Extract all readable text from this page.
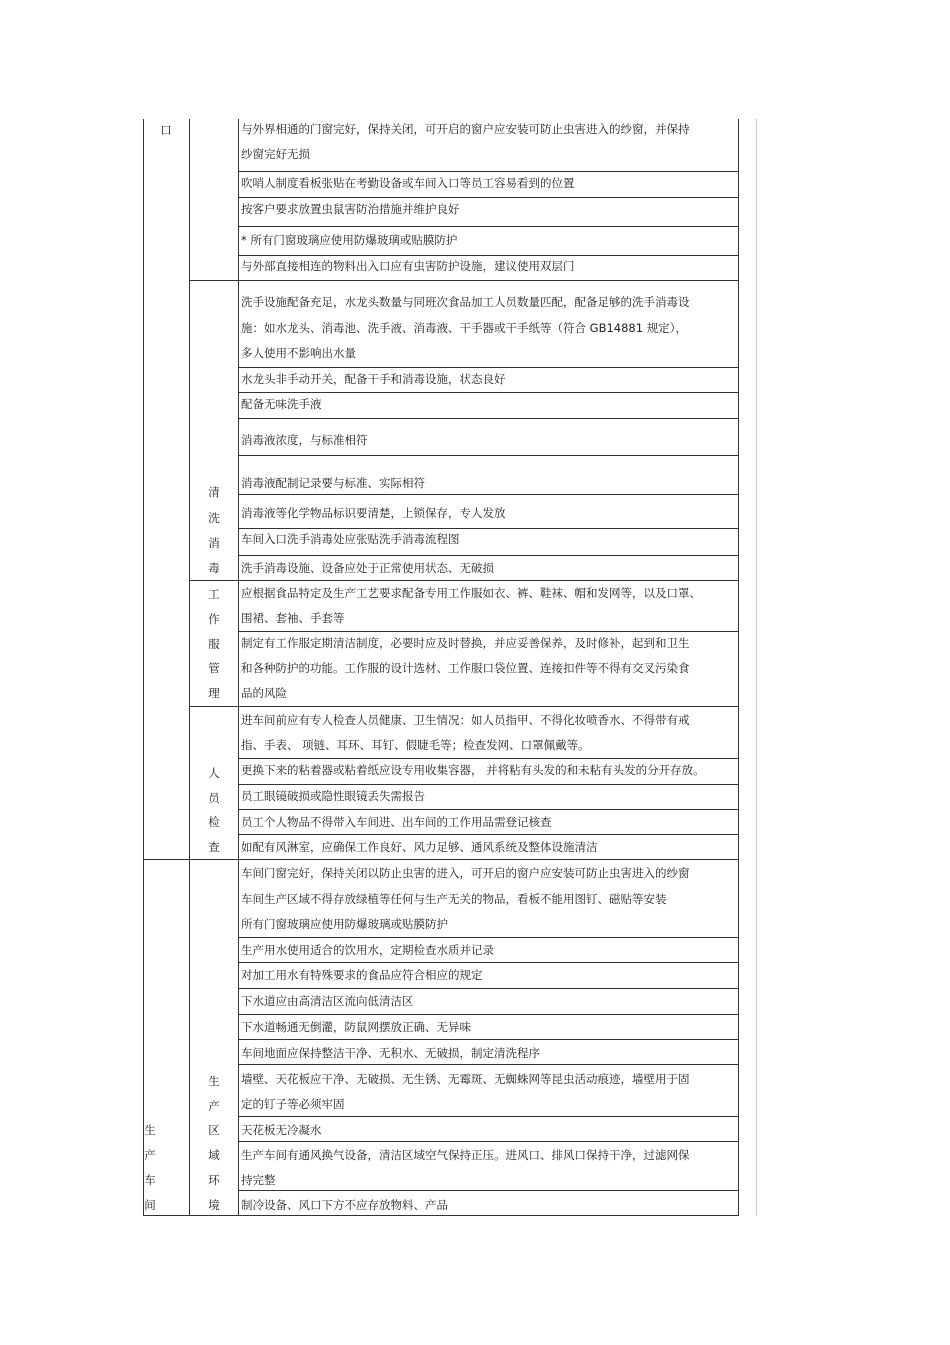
口	与外界相通的门窗完好，保持关闭，可开启的窗户应安装可防止虫害进入的纱窗，并保持
纱窗完好无损
吹哨人制度看板张贴在考勤设备或车间入口等员工容易看到的位置
按客户要求放置虫鼠害防治措施并维护良好
* 所有门窗玻璃应使用防爆玻璃或贴膜防护
与外部直接相连的物料出入口应有虫害防护设施，建议使用双层门
清
洗
消
毒
洗手设施配备充足，水龙头数量与同班次食品加工人员数量匹配，配备足够的洗手消毒设
施：如水龙头、消毒池、洗手液、消毒液、干手器或干手纸等（符合 GB14881 规定），
多人使用不影响出水量
水龙头非手动开关，配备干手和消毒设施，状态良好
配备无味洗手液
消毒液浓度，与标准相符
消毒液配制记录要与标准、实际相符
消毒液等化学物品标识要清楚，上锁保存，专人发放
车间入口洗手消毒处应张贴洗手消毒流程图
洗手消毒设施、设备应处于正常使用状态、无破损
工
作
服
管
理
应根据食品特定及生产工艺要求配备专用工作服如衣、裤、鞋袜、帽和发网等，以及口罩、
围裙、套袖、手套等
制定有工作服定期清洁制度，必要时应及时替换，并应妥善保养，及时修补，起到和卫生
和各种防护的功能。工作服的设计选材、工作服口袋位置、连接扣件等不得有交叉污染食
品的风险
人
员
检
查
进车间前应有专人检查人员健康、卫生情况：如人员指甲、不得化妆喷香水、不得带有戒
指、手表、 项链、耳环、耳钉、假睫毛等；检查发网、口罩佩戴等。
更换下来的粘着器或粘着纸应设专用收集容器， 并将粘有头发的和未粘有头发的分开存放。
员工眼镜破损或隐性眼镜丢失需报告
员工个人物品不得带入车间进、出车间的工作用品需登记核查
如配有风淋室，应确保工作良好、风力足够、通风系统及整体设施清洁
生
产
区
域
环
境
车间门窗完好，保持关闭以防止虫害的进入，可开启的窗户应安装可防止虫害进入的纱窗
车间生产区域不得存放绿植等任何与生产无关的物品，看板不能用图钉、磁贴等安装
所有门窗玻璃应使用防爆玻璃或贴膜防护
生产用水使用适合的饮用水，定期检查水质并记录
对加工用水有特殊要求的食品应符合相应的规定
下水道应由高清洁区流向低清洁区
下水道畅通无倒灌，防鼠网摆放正确、无异味
车间地面应保持整洁干净、无积水、无破损，制定清洗程序
墙壁、天花板应干净、无破损、无生锈、无霉斑、无蜘蛛网等昆虫活动痕迹，墙壁用于固
定的钉子等必须牢固
天花板无冷凝水
生产车间有通风换气设备，清洁区域空气保持正压。进风口、排风口保持干净，过滤网保
持完整
制冷设备、风口下方不应存放物料、产品
生
产
车
间
